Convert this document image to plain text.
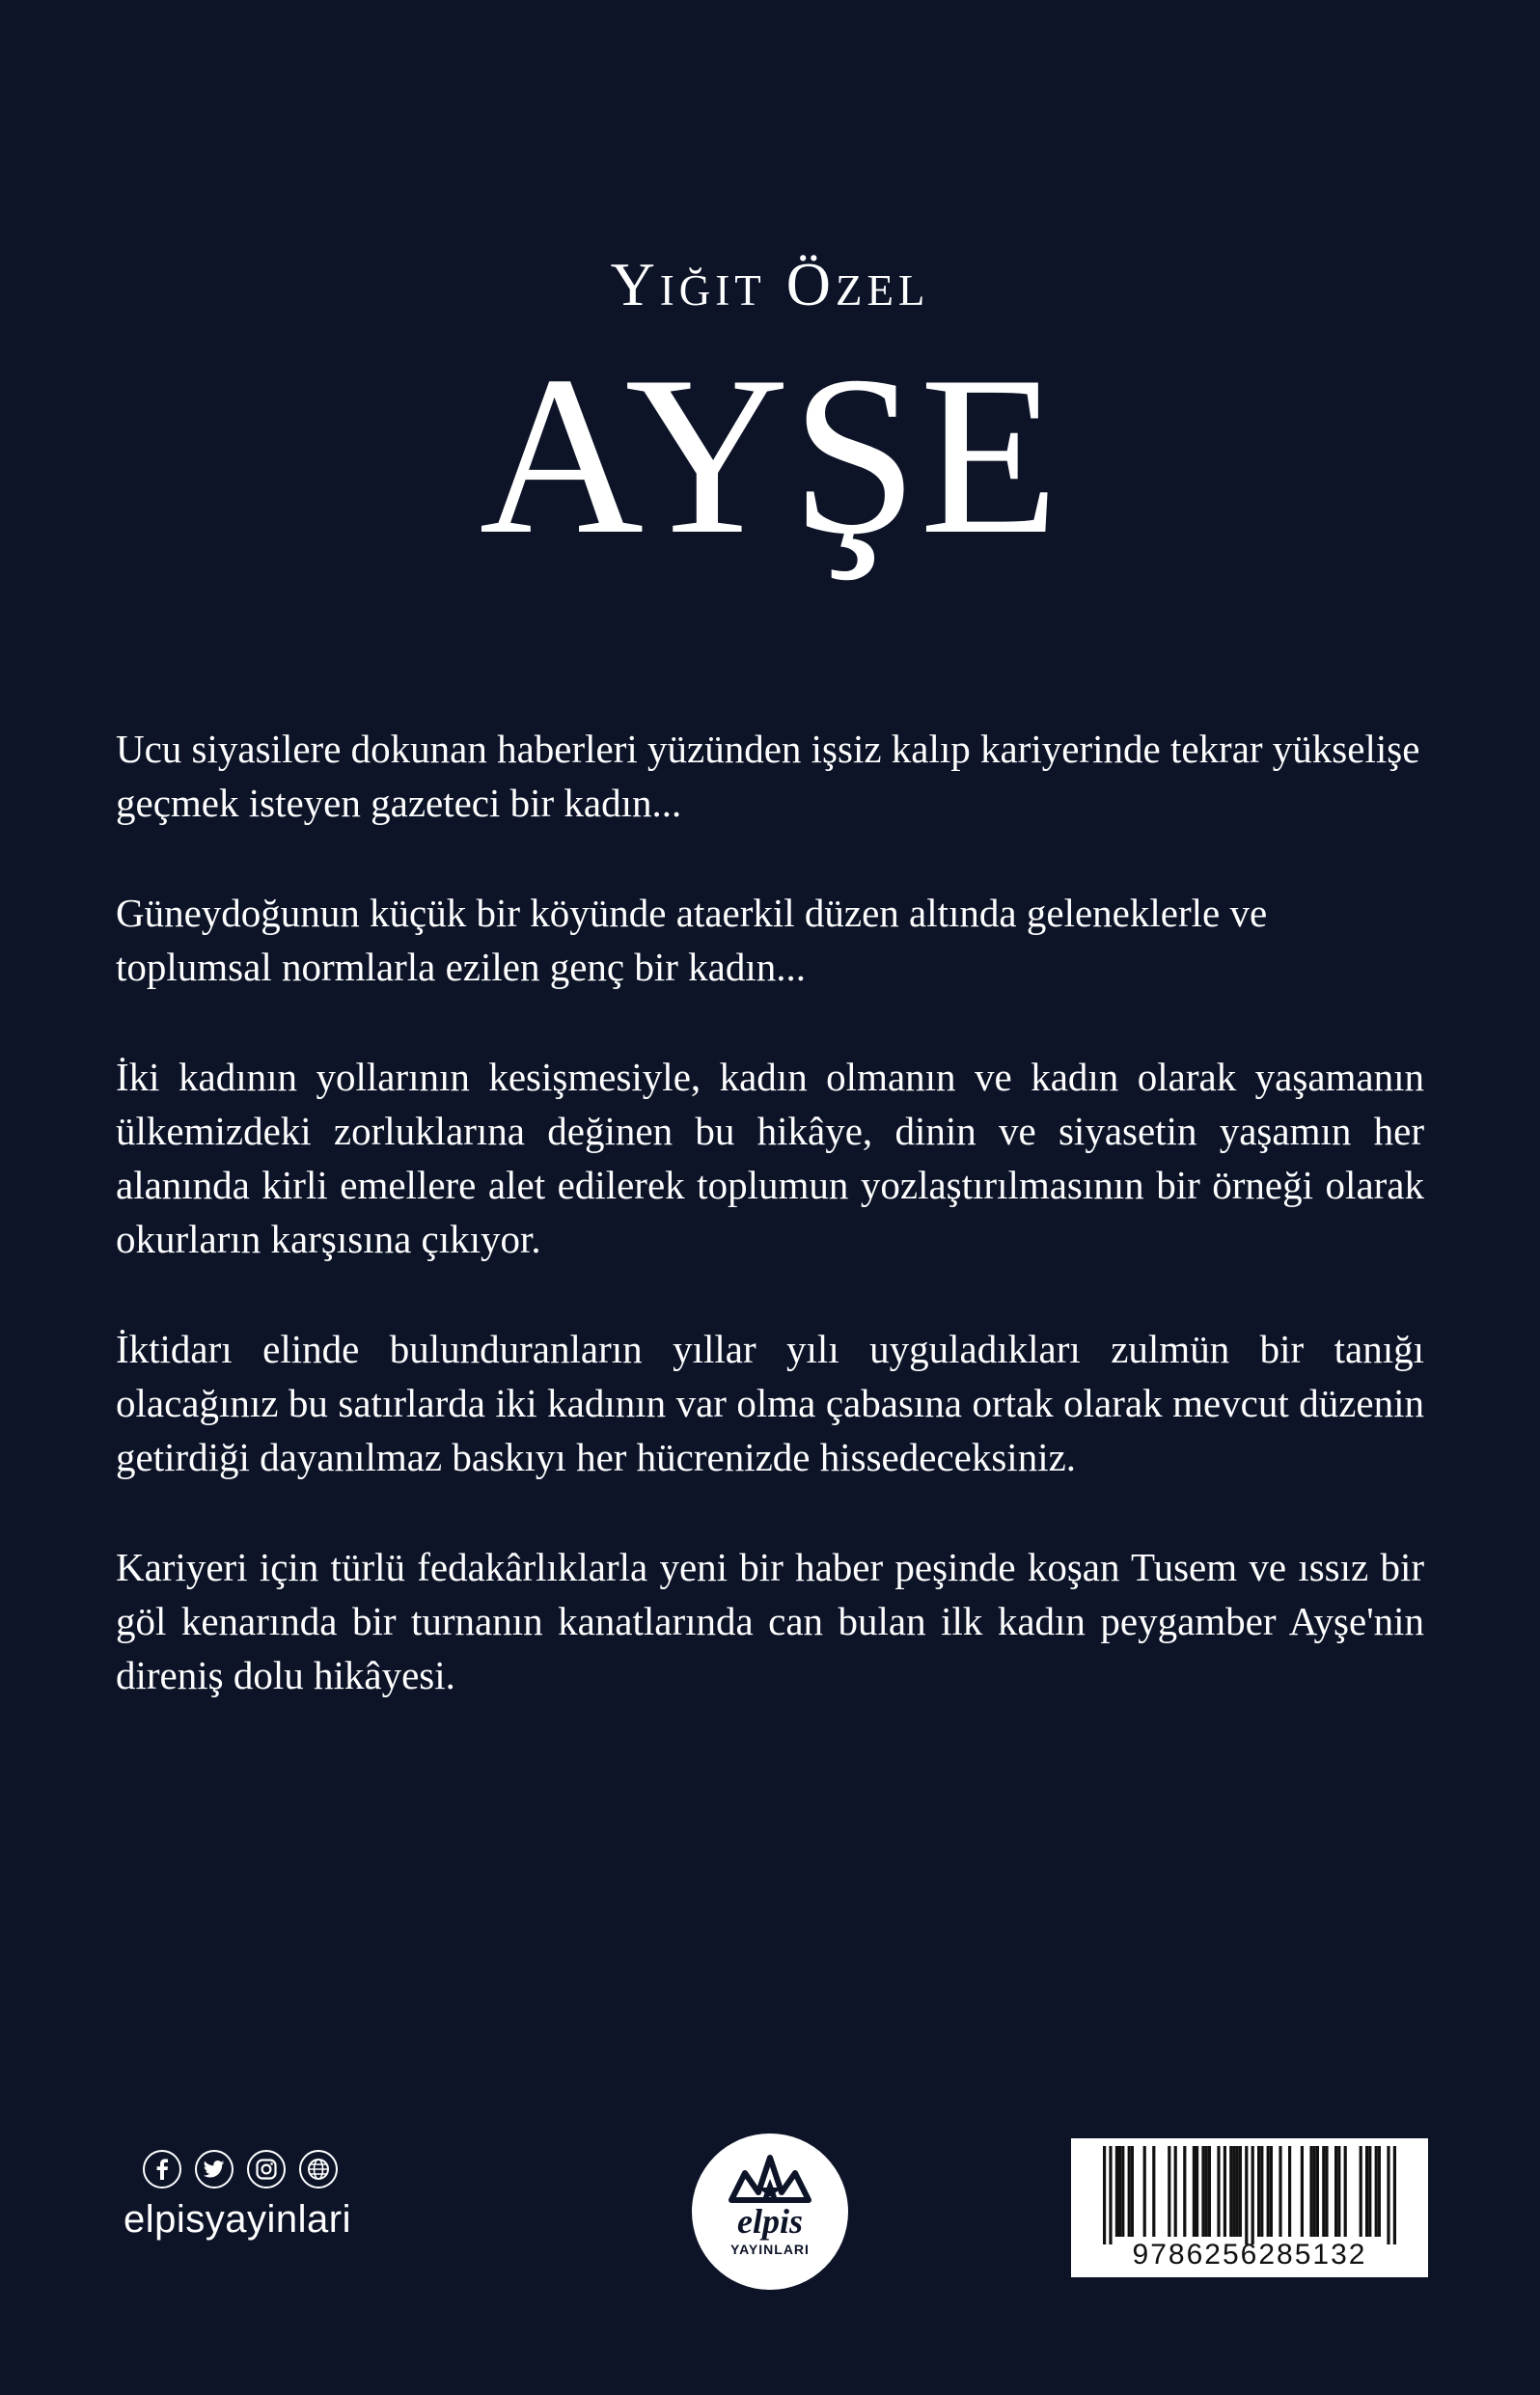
Yiğit Özel
AYŞE

Ucu siyasilere dokunan haberleri yüzünden işsiz kalıp kariyerinde tekrar yükselişe geçmek isteyen gazeteci bir kadın...

Güneydoğunun küçük bir köyünde ataerkil düzen altında geleneklerle ve toplumsal normlarla ezilen genç bir kadın...

İki kadının yollarının kesişmesiyle, kadın olmanın ve kadın olarak yaşamanın ülkemizdeki zorluklarına değinen bu hikâye, dinin ve siyasetin yaşamın her alanında kirli emellere alet edilerek toplumun yozlaştırılmasının bir örneği olarak okurların karşısına çıkıyor.

İktidarı elinde bulunduranların yıllar yılı uyguladıkları zulmün bir tanığı olacağınız bu satırlarda iki kadının var olma çabasına ortak olarak mevcut düzenin getirdiği dayanılmaz baskıyı her hücrenizde hissedeceksiniz.

Kariyeri için türlü fedakârlıklarla yeni bir haber peşinde koşan Tusem ve ıssız bir göl kenarında bir turnanın kanatlarında can bulan ilk kadın peygamber Ayşe'nin direniş dolu hikâyesi.

elpisyayinlari	elpis
YAYINLARI	9786256285132
